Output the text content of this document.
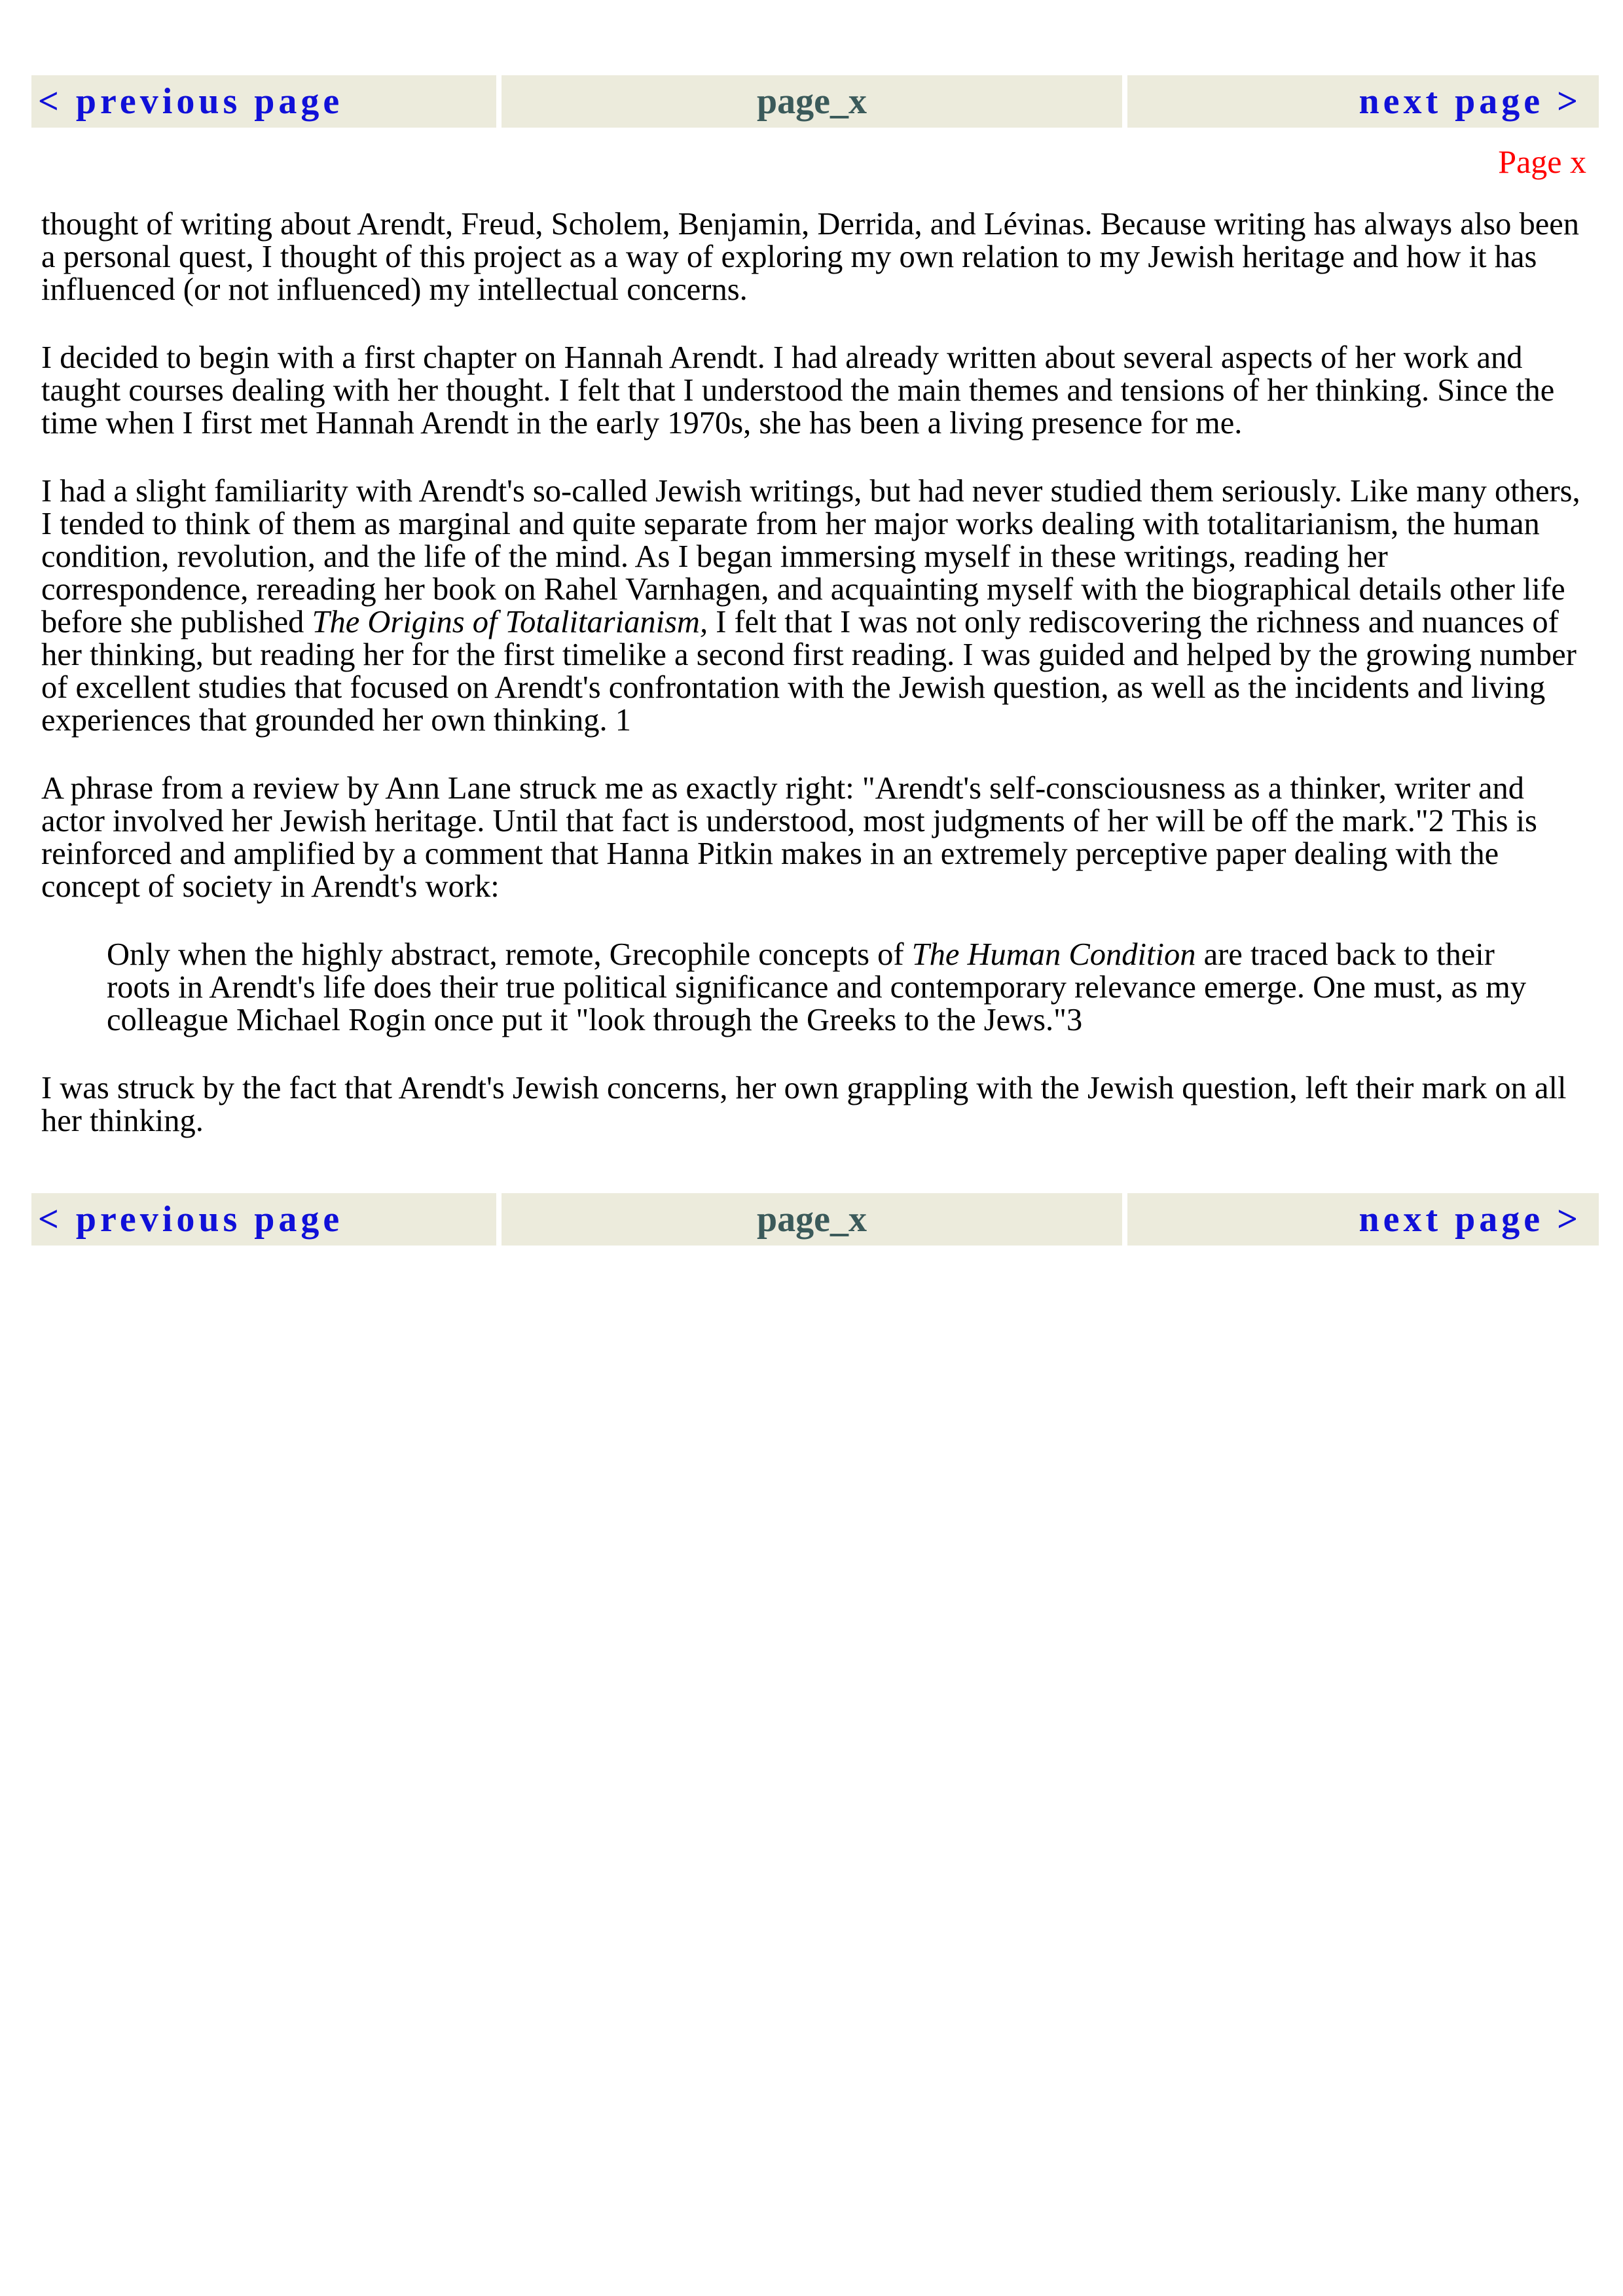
< previous page	page_x	next page >
Page x

thought of writing about Arendt, Freud, Scholem, Benjamin, Derrida, and Lévinas. Because writing has always also been a personal quest, I thought of this project as a way of exploring my own relation to my Jewish heritage and how it has influenced (or not influenced) my intellectual concerns.

I decided to begin with a first chapter on Hannah Arendt. I had already written about several aspects of her work and taught courses dealing with her thought. I felt that I understood the main themes and tensions of her thinking. Since the time when I first met Hannah Arendt in the early 1970s, she has been a living presence for me.

I had a slight familiarity with Arendt's so-called Jewish writings, but had never studied them seriously. Like many others, I tended to think of them as marginal and quite separate from her major works dealing with totalitarianism, the human condition, revolution, and the life of the mind. As I began immersing myself in these writings, reading her correspondence, rereading her book on Rahel Varnhagen, and acquainting myself with the biographical details other life before she published The Origins of Totalitarianism, I felt that I was not only rediscovering the richness and nuances of her thinking, but reading her for the first timelike a second first reading. I was guided and helped by the growing number of excellent studies that focused on Arendt's confrontation with the Jewish question, as well as the incidents and living experiences that grounded her own thinking. 1

A phrase from a review by Ann Lane struck me as exactly right: "Arendt's self-consciousness as a thinker, writer and actor involved her Jewish heritage. Until that fact is understood, most judgments of her will be off the mark."2 This is reinforced and amplified by a comment that Hanna Pitkin makes in an extremely perceptive paper dealing with the concept of society in Arendt's work:

Only when the highly abstract, remote, Grecophile concepts of The Human Condition are traced back to their roots in Arendt's life does their true political significance and contemporary relevance emerge. One must, as my colleague Michael Rogin once put it "look through the Greeks to the Jews."3

I was struck by the fact that Arendt's Jewish concerns, her own grappling with the Jewish question, left their mark on all her thinking.

< previous page	page_x	next page >
